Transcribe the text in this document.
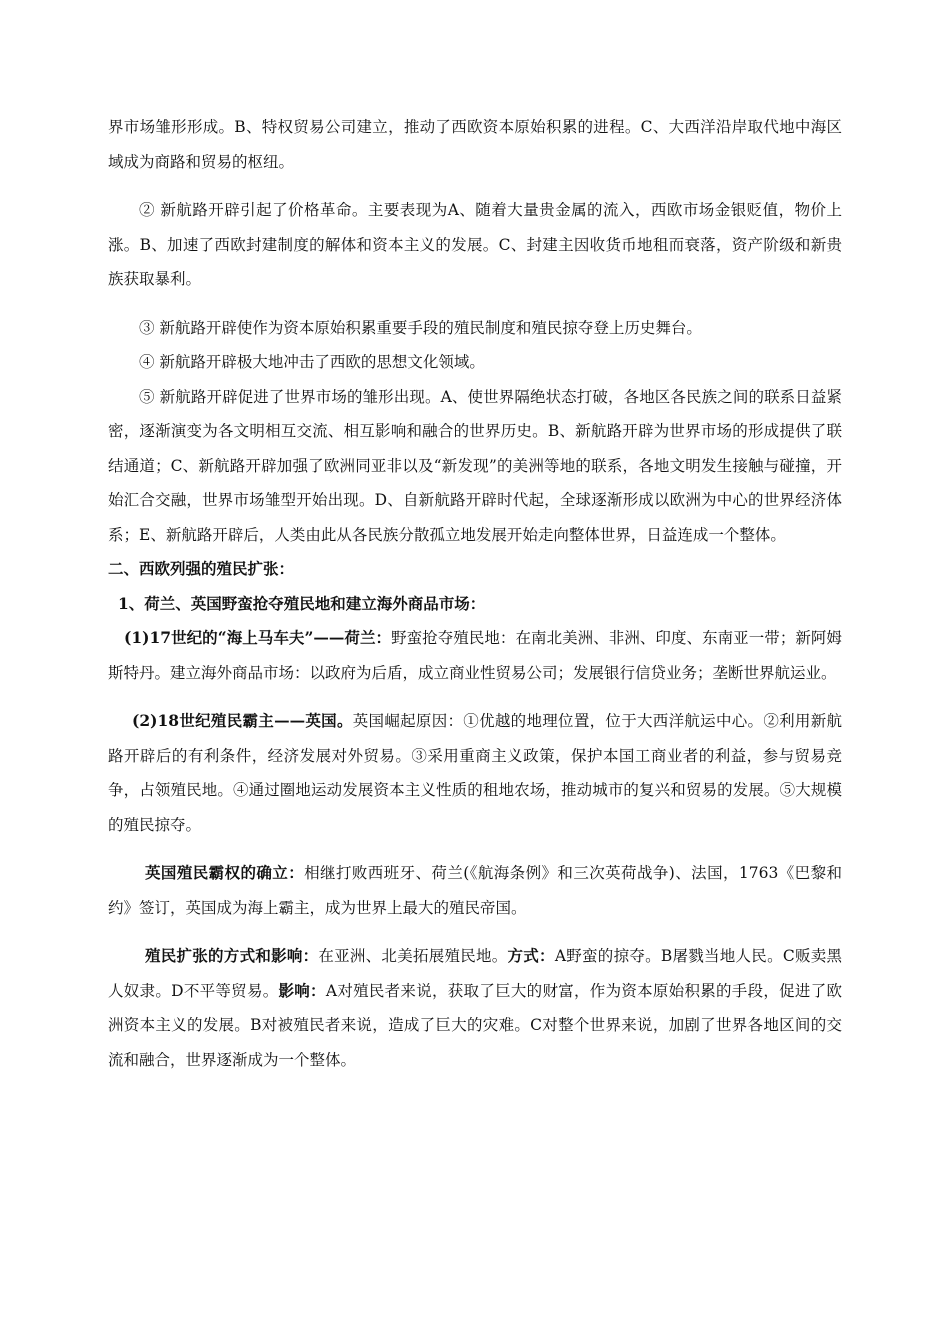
界市场雏形形成。B、特权贸易公司建立，推动了西欧资本原始积累的进程。C、大西洋沿岸取代地中海区域成为商路和贸易的枢纽。

② 新航路开辟引起了价格革命。主要表现为A、随着大量贵金属的流入，西欧市场金银贬值，物价上涨。B、加速了西欧封建制度的解体和资本主义的发展。C、封建主因收货币地租而衰落，资产阶级和新贵族获取暴利。

③ 新航路开辟使作为资本原始积累重要手段的殖民制度和殖民掠夺登上历史舞台。

④ 新航路开辟极大地冲击了西欧的思想文化领域。

⑤ 新航路开辟促进了世界市场的雏形出现。A、使世界隔绝状态打破，各地区各民族之间的联系日益紧密，逐渐演变为各文明相互交流、相互影响和融合的世界历史。B、新航路开辟为世界市场的形成提供了联结通道；C、新航路开辟加强了欧洲同亚非以及“新发现”的美洲等地的联系，各地文明发生接触与碰撞，开始汇合交融，世界市场雏型开始出现。D、自新航路开辟时代起，全球逐渐形成以欧洲为中心的世界经济体系；E、新航路开辟后，人类由此从各民族分散孤立地发展开始走向整体世界，日益连成一个整体。

二、西欧列强的殖民扩张：

1、荷兰、英国野蛮抢夺殖民地和建立海外商品市场：

(1)17世纪的“海上马车夫”——荷兰：野蛮抢夺殖民地：在南北美洲、非洲、印度、东南亚一带；新阿姆斯特丹。建立海外商品市场：以政府为后盾，成立商业性贸易公司；发展银行信贷业务；垄断世界航运业。

(2)18世纪殖民霸主——英国。英国崛起原因：①优越的地理位置，位于大西洋航运中心。②利用新航路开辟后的有利条件，经济发展对外贸易。③采用重商主义政策，保护本国工商业者的利益，参与贸易竞争，占领殖民地。④通过圈地运动发展资本主义性质的租地农场，推动城市的复兴和贸易的发展。⑤大规模的殖民掠夺。

英国殖民霸权的确立：相继打败西班牙、荷兰(《航海条例》和三次英荷战争)、法国，1763《巴黎和约》签订，英国成为海上霸主，成为世界上最大的殖民帝国。

殖民扩张的方式和影响：在亚洲、北美拓展殖民地。方式：A野蛮的掠夺。B屠戮当地人民。C贩卖黑人奴隶。D不平等贸易。影响：A对殖民者来说，获取了巨大的财富，作为资本原始积累的手段，促进了欧洲资本主义的发展。B对被殖民者来说，造成了巨大的灾难。C对整个世界来说，加剧了世界各地区间的交流和融合，世界逐渐成为一个整体。
